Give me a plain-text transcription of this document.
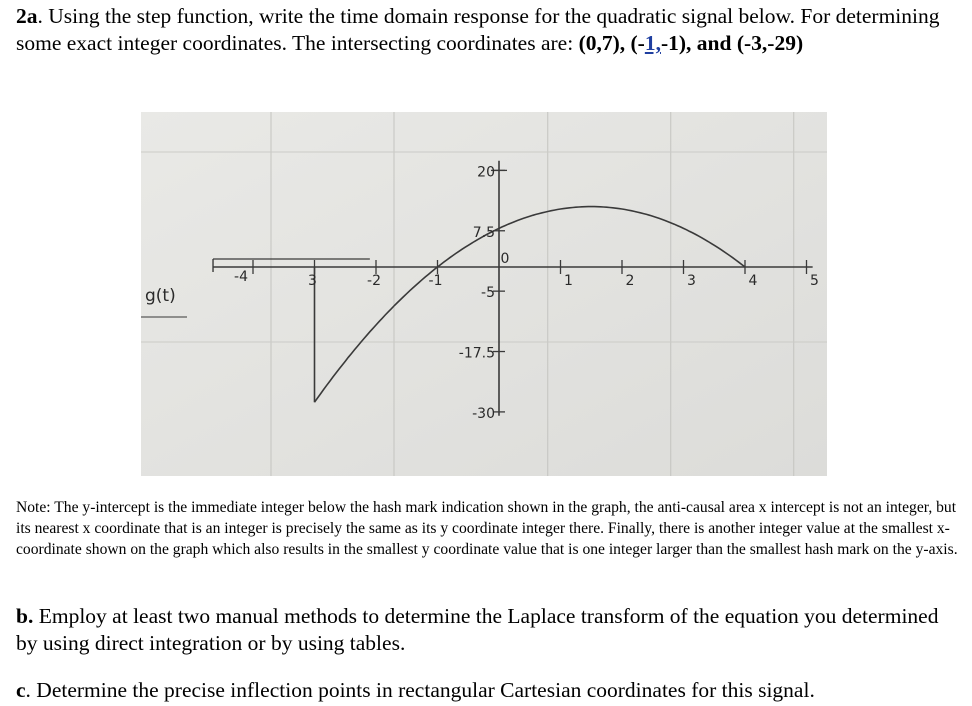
2a. Using the step function, write the time domain response for the quadratic signal below. For determining some exact integer coordinates. The intersecting coordinates are: (0,7), (-1,-1), and (-3,-29)
20
7.5
-5
-17.5
-30
-4	3	-2	-1
0
1	2	3	4	5
g(t)
Note: The y-intercept is the immediate integer below the hash mark indication shown in the graph, the anti-causal area x intercept is not an integer, but its nearest x coordinate that is an integer is precisely the same as its y coordinate integer there. Finally, there is another integer value at the smallest x-coordinate shown on the graph which also results in the smallest y coordinate value that is one integer larger than the smallest hash mark on the y-axis.
b. Employ at least two manual methods to determine the Laplace transform of the equation you determined by using direct integration or by using tables.
c. Determine the precise inflection points in rectangular Cartesian coordinates for this signal.
